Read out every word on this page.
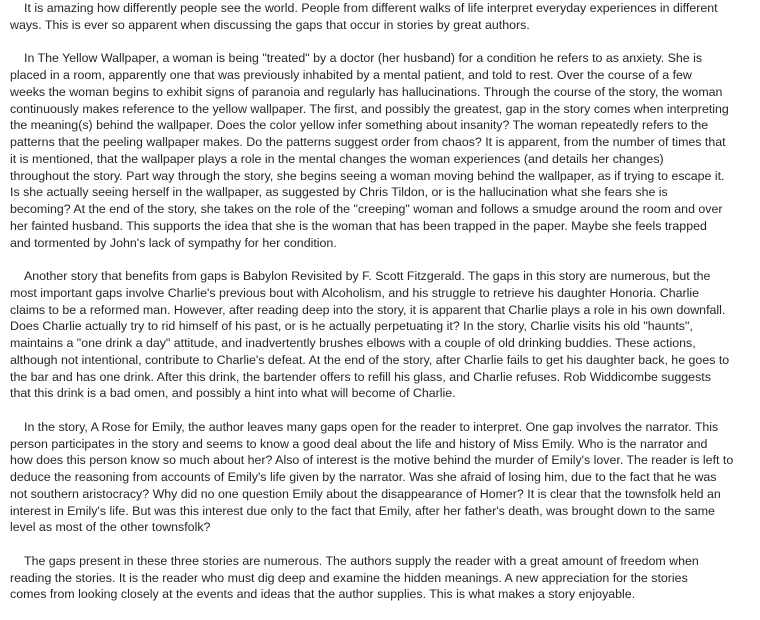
It is amazing how differently people see the world. People from different walks of life interpret everyday experiences in different
ways. This is ever so apparent when discussing the gaps that occur in stories by great authors.
In The Yellow Wallpaper, a woman is being "treated" by a doctor (her husband) for a condition he refers to as anxiety. She is
placed in a room, apparently one that was previously inhabited by a mental patient, and told to rest. Over the course of a few
weeks the woman begins to exhibit signs of paranoia and regularly has hallucinations. Through the course of the story, the woman
continuously makes reference to the yellow wallpaper. The first, and possibly the greatest, gap in the story comes when interpreting
the meaning(s) behind the wallpaper. Does the color yellow infer something about insanity? The woman repeatedly refers to the
patterns that the peeling wallpaper makes. Do the patterns suggest order from chaos? It is apparent, from the number of times that
it is mentioned, that the wallpaper plays a role in the mental changes the woman experiences (and details her changes)
throughout the story. Part way through the story, she begins seeing a woman moving behind the wallpaper, as if trying to escape it.
Is she actually seeing herself in the wallpaper, as suggested by Chris Tildon, or is the hallucination what she fears she is
becoming? At the end of the story, she takes on the role of the "creeping" woman and follows a smudge around the room and over
her fainted husband. This supports the idea that she is the woman that has been trapped in the paper. Maybe she feels trapped
and tormented by John's lack of sympathy for her condition.
Another story that benefits from gaps is Babylon Revisited by F. Scott Fitzgerald. The gaps in this story are numerous, but the
most important gaps involve Charlie's previous bout with Alcoholism, and his struggle to retrieve his daughter Honoria. Charlie
claims to be a reformed man. However, after reading deep into the story, it is apparent that Charlie plays a role in his own downfall.
Does Charlie actually try to rid himself of his past, or is he actually perpetuating it? In the story, Charlie visits his old "haunts",
maintains a "one drink a day" attitude, and inadvertently brushes elbows with a couple of old drinking buddies. These actions,
although not intentional, contribute to Charlie's defeat. At the end of the story, after Charlie fails to get his daughter back, he goes to
the bar and has one drink. After this drink, the bartender offers to refill his glass, and Charlie refuses. Rob Widdicombe suggests
that this drink is a bad omen, and possibly a hint into what will become of Charlie.
In the story, A Rose for Emily, the author leaves many gaps open for the reader to interpret. One gap involves the narrator. This
person participates in the story and seems to know a good deal about the life and history of Miss Emily. Who is the narrator and
how does this person know so much about her? Also of interest is the motive behind the murder of Emily's lover. The reader is left to
deduce the reasoning from accounts of Emily's life given by the narrator. Was she afraid of losing him, due to the fact that he was
not southern aristocracy? Why did no one question Emily about the disappearance of Homer? It is clear that the townsfolk held an
interest in Emily's life. But was this interest due only to the fact that Emily, after her father's death, was brought down to the same
level as most of the other townsfolk?
The gaps present in these three stories are numerous. The authors supply the reader with a great amount of freedom when
reading the stories. It is the reader who must dig deep and examine the hidden meanings. A new appreciation for the stories
comes from looking closely at the events and ideas that the author supplies. This is what makes a story enjoyable.
